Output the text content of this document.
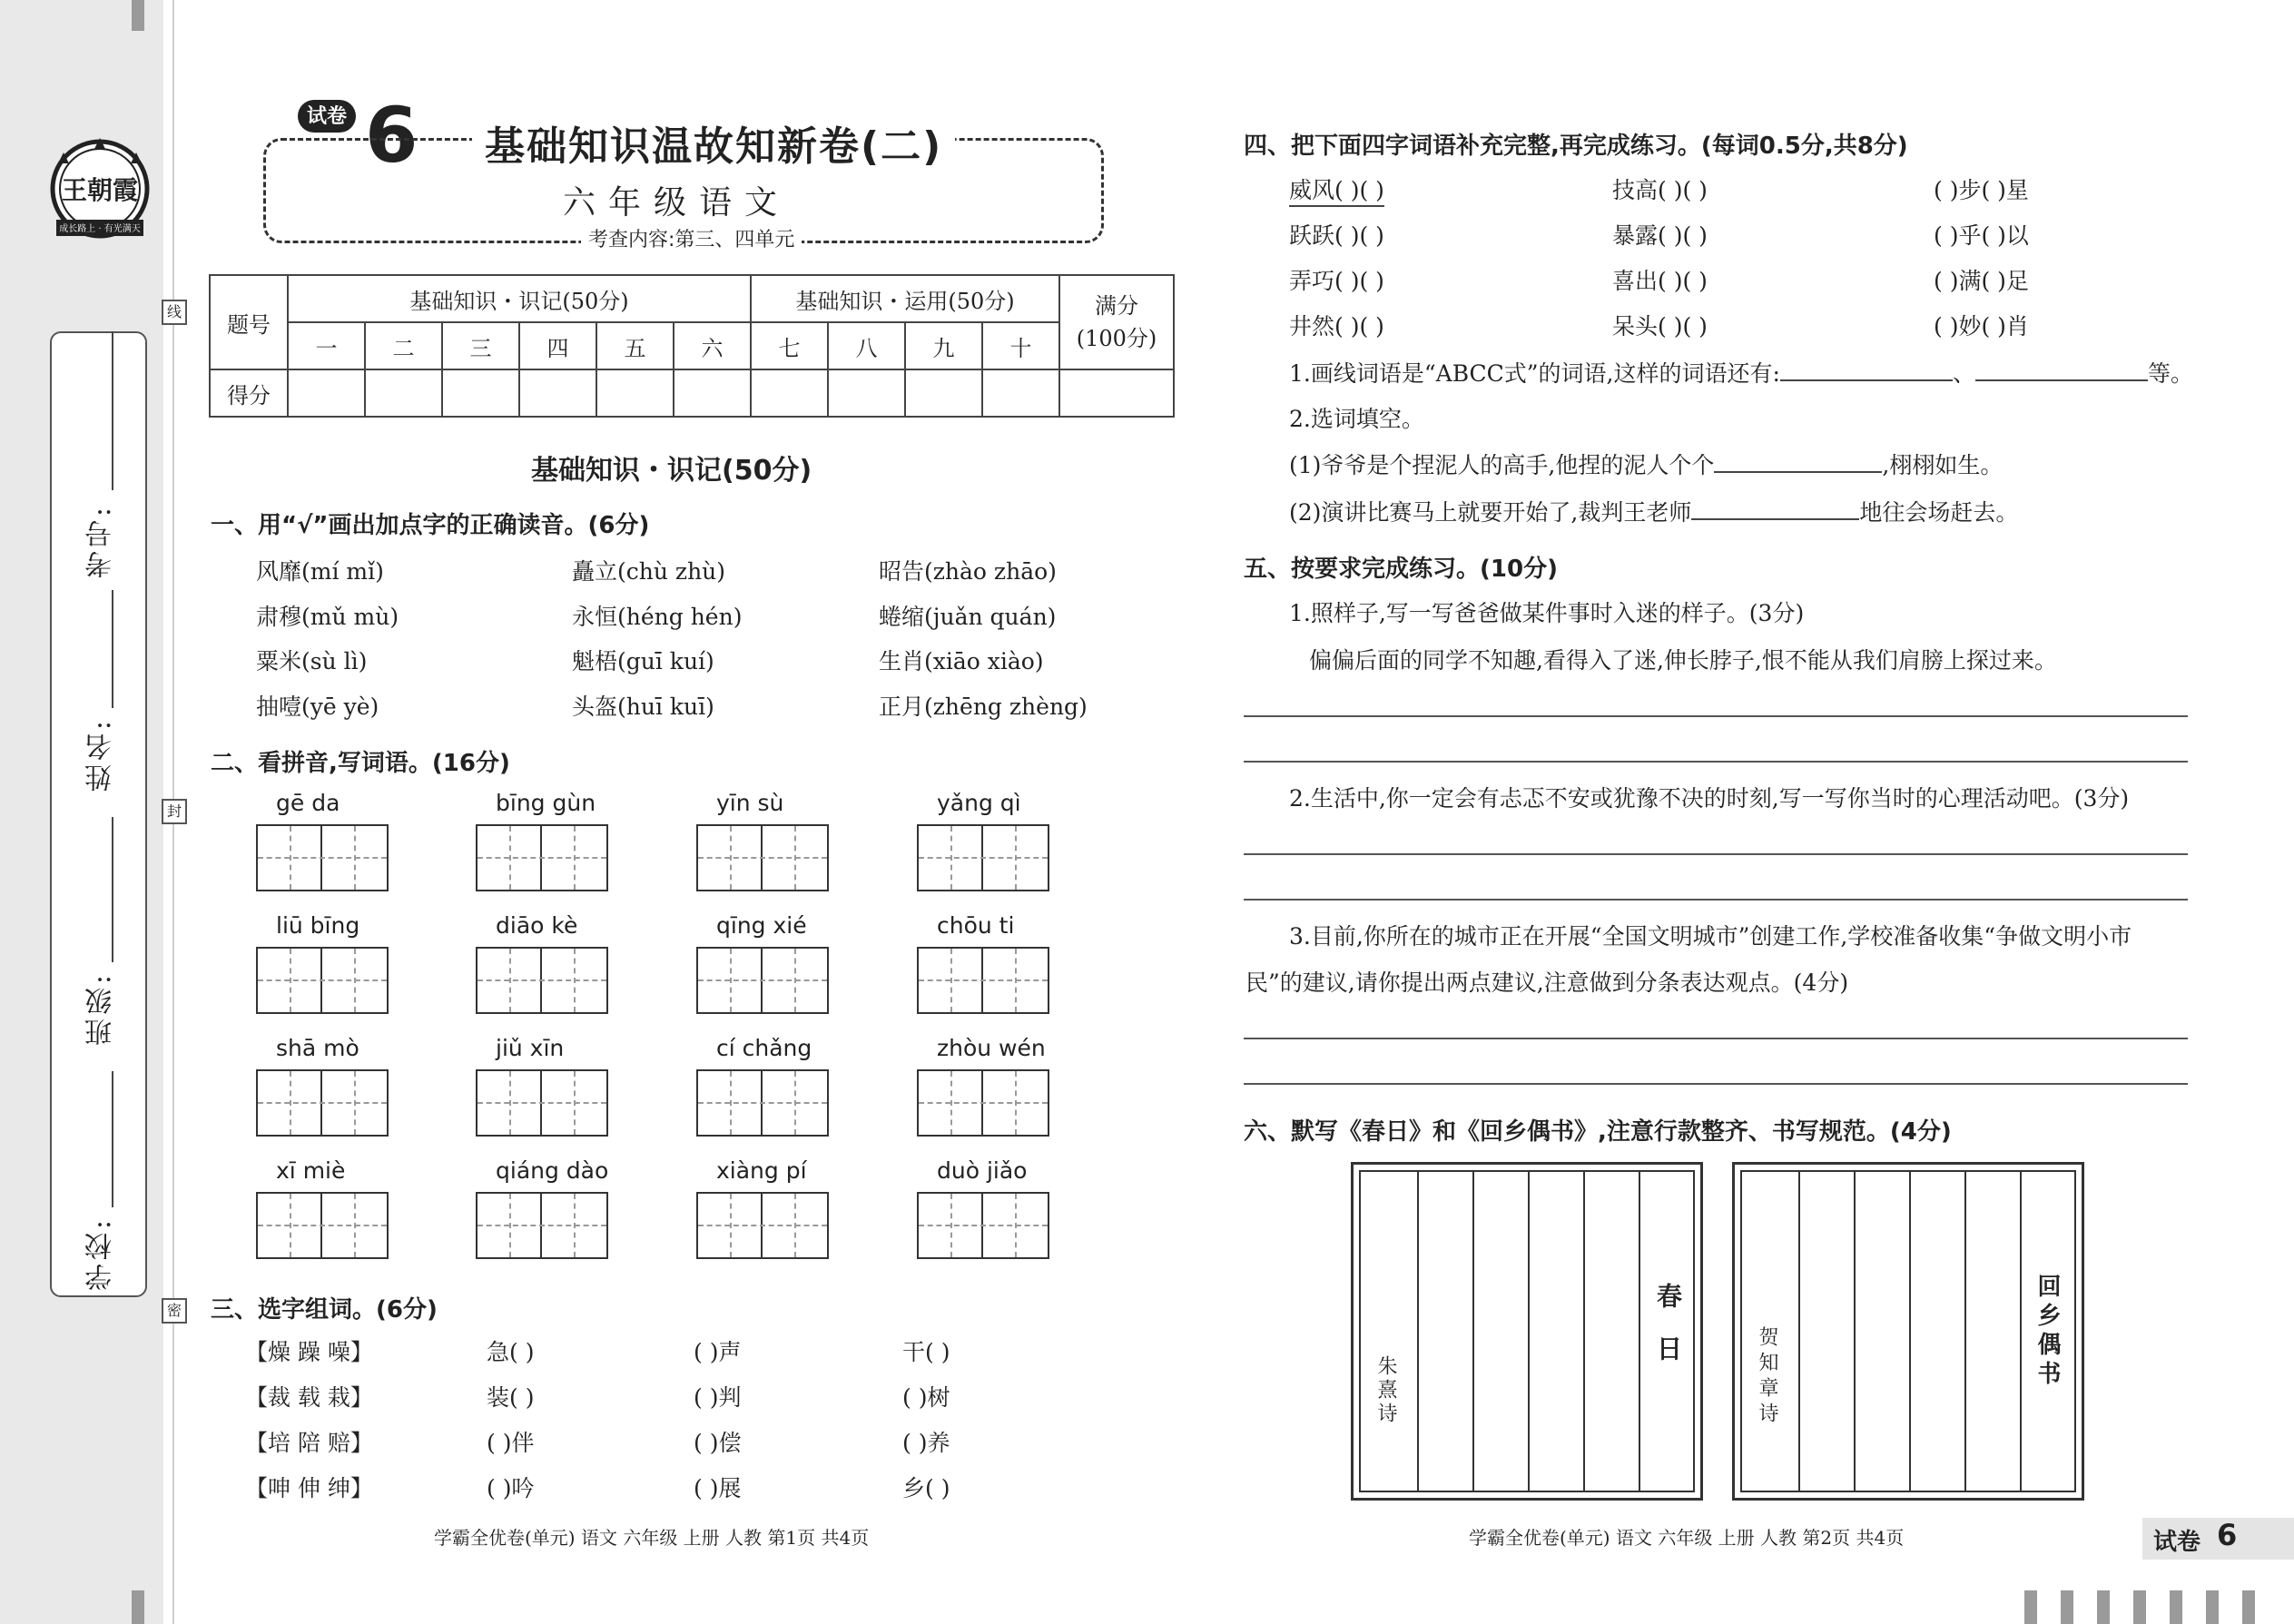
考号:
姓名:
班级:
学校:
线
封
密
王朝霞
成长路上 · 有光满天
试卷 6	基础知识温故知新卷(二)
六年级语文
考查内容:第三、四单元
题号	基础知识・识记(50分)						基础知识・运用(50分)				满分
(100分)
	一	二	三	四	五	六	七	八	九	十	
得分											
基础知识・识记(50分)
一、用“√”画出加点字的正确读音。(6分)
风靡(mí mǐ)	矗立(chù zhù)	昭告(zhào zhāo)
肃穆(mǔ mù)	永恒(héng hén)	蜷缩(juǎn quán)
粟米(sù lì)	魁梧(guī kuí)	生肖(xiāo xiào)
抽噎(yē yè)	头盔(huī kuī)	正月(zhēng zhèng)
二、看拼音,写词语。(16分)
gē da	bīng gùn	yīn sù	yǎng qì
liū bīng	diāo kè	qīng xié	chōu ti
shā mò	jiǔ xīn	cí chǎng	zhòu wén
xī miè	qiáng dào	xiàng pí	duò jiǎo
三、选字组词。(6分)
【燥 躁 噪】	急( )	( )声	干( )
【裁 载 栽】	装( )	( )判	( )树
【培 陪 赔】	( )伴	( )偿	( )养
【呻 伸 绅】	( )吟	( )展	乡( )
学霸全优卷(单元) 语文 六年级 上册 人教 第1页 共4页
四、把下面四字词语补充完整,再完成练习。(每词0.5分,共8分)
威风( )( )	技高( )( )	( )步( )星
跃跃( )( )	暴露( )( )	( )乎( )以
弄巧( )( )	喜出( )( )	( )满( )足
井然( )( )	呆头( )( )	( )妙( )肖
1.画线词语是“ABCC式”的词语,这样的词语还有:	、	等。
2.选词填空。
(1)爷爷是个捏泥人的高手,他捏的泥人个个	,栩栩如生。
(2)演讲比赛马上就要开始了,裁判王老师	地往会场赶去。
五、按要求完成练习。(10分)
1.照样子,写一写爸爸做某件事时入迷的样子。(3分)
偏偏后面的同学不知趣,看得入了迷,伸长脖子,恨不能从我们肩膀上探过来。
2.生活中,你一定会有忐忑不安或犹豫不决的时刻,写一写你当时的心理活动吧。(3分)
3.目前,你所在的城市正在开展“全国文明城市”创建工作,学校准备收集“争做文明小市
民”的建议,请你提出两点建议,注意做到分条表达观点。(4分)
六、默写《春日》和《回乡偶书》,注意行款整齐、书写规范。(4分)
春日
朱熹诗
回乡偶书
贺知章诗
学霸全优卷(单元) 语文 六年级 上册 人教 第2页 共4页	试卷 6
